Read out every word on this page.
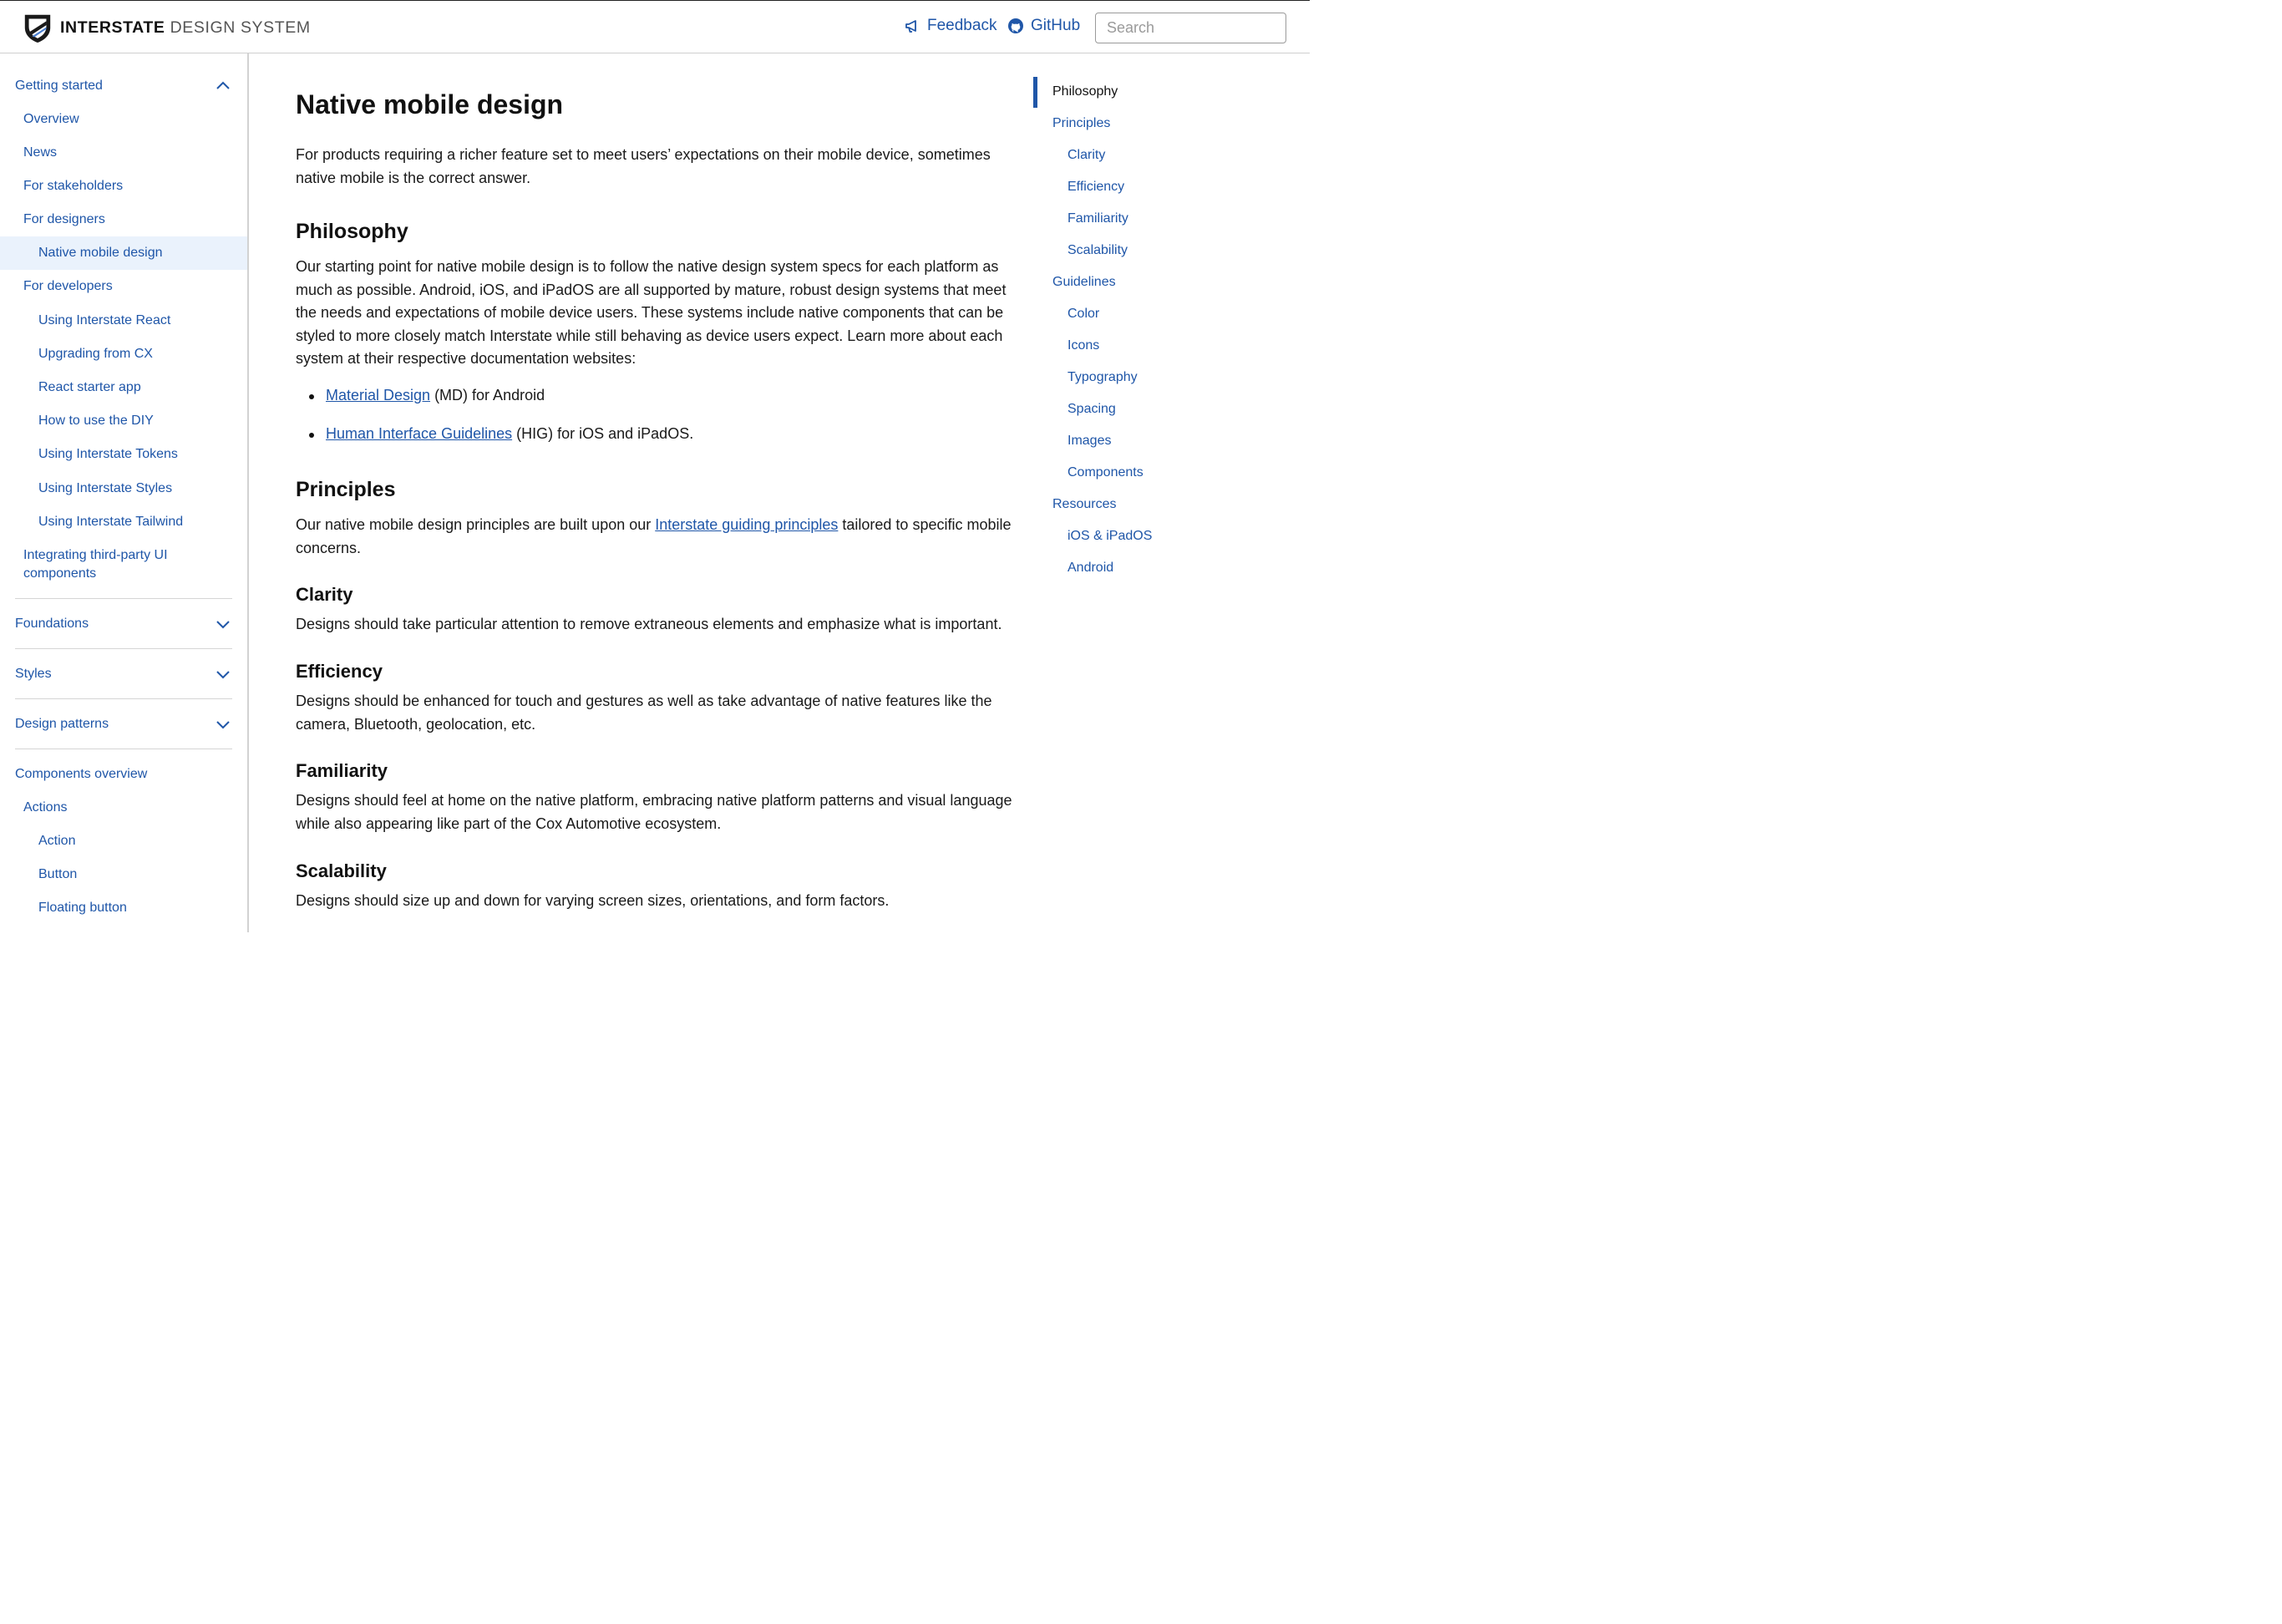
INTERSTATE DESIGN SYSTEM	Feedback GitHub
Search
Getting started
Overview
News
For stakeholders
For designers
Native mobile design
For developers
Using Interstate React
Upgrading from CX
React starter app
How to use the DIY
Using Interstate Tokens
Using Interstate Styles
Using Interstate Tailwind
Integrating third-party UI
components
Foundations
Styles
Design patterns
Components overview
Actions
Action
Button
Floating button
Native mobile design

For products requiring a richer feature set to meet users’ expectations on their mobile device, sometimes native mobile is the correct answer.

Philosophy

Our starting point for native mobile design is to follow the native design system specs for each platform as much as possible. Android, iOS, and iPadOS are all supported by mature, robust design systems that meet the needs and expectations of mobile device users. These systems include native components that can be styled to more closely match Interstate while still behaving as device users expect. Learn more about each system at their respective documentation websites:

Material Design (MD) for Android
Human Interface Guidelines (HIG) for iOS and iPadOS.
Principles

Our native mobile design principles are built upon our Interstate guiding principles tailored to specific mobile concerns.

Clarity

Designs should take particular attention to remove extraneous elements and emphasize what is important.

Efficiency

Designs should be enhanced for touch and gestures as well as take advantage of native features like the camera, Bluetooth, geolocation, etc.

Familiarity

Designs should feel at home on the native platform, embracing native platform patterns and visual language while also appearing like part of the Cox Automotive ecosystem.

Scalability

Designs should size up and down for varying screen sizes, orientations, and form factors.

Philosophy
Principles
Clarity
Efficiency
Familiarity
Scalability
Guidelines
Color
Icons
Typography
Spacing
Images
Components
Resources
iOS & iPadOS
Android
